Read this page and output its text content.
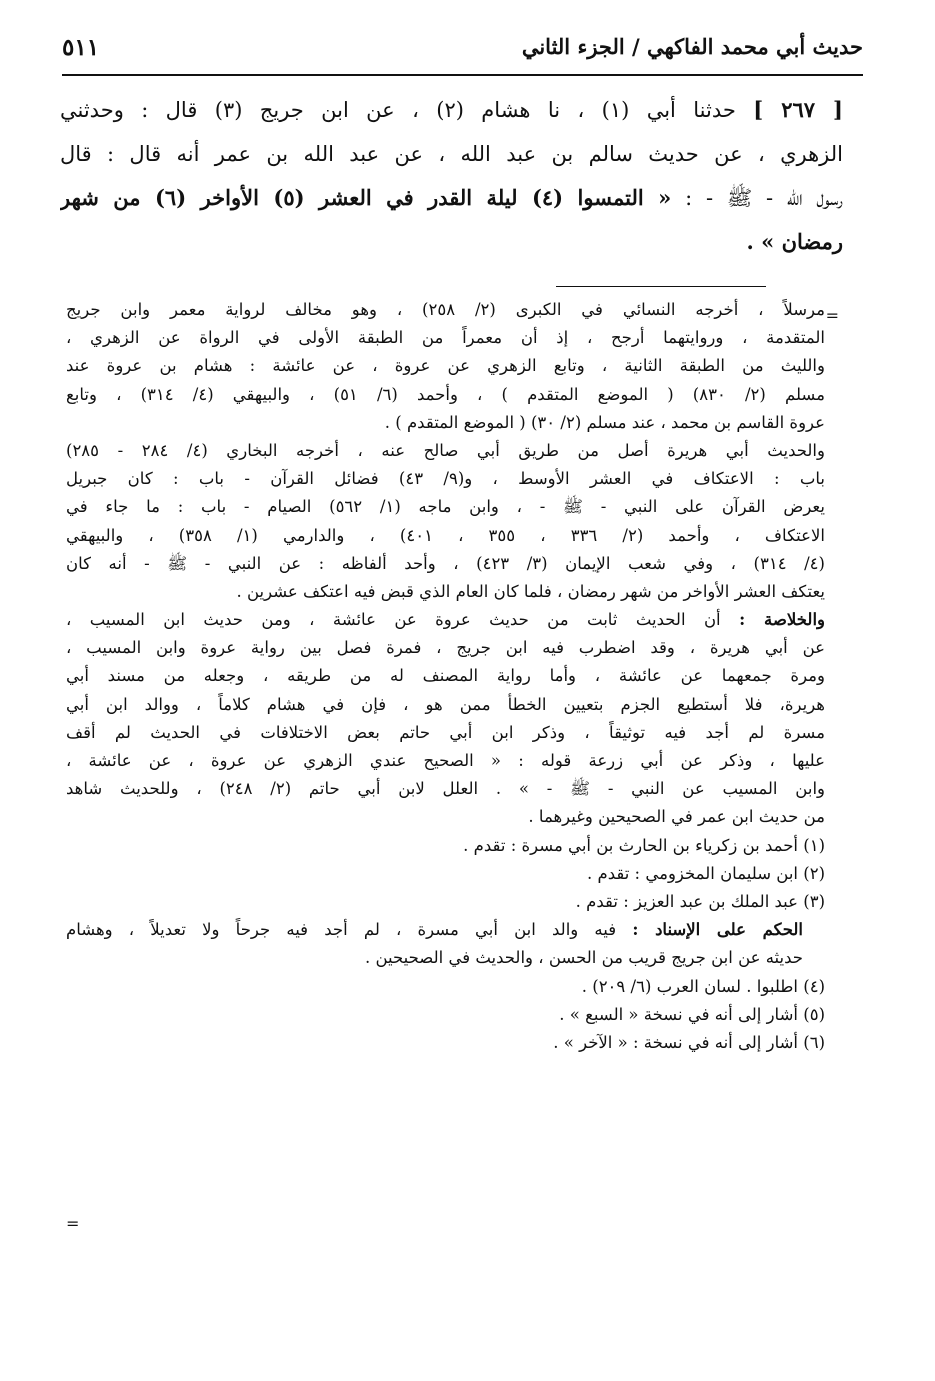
حديث أبي محمد الفاكهي / الجزء الثاني
٥١١
[ ٢٦٧ ] حدثنا أبي (١) ، نا هشام (٢) ، عن ابن جريج (٣) قال : وحدثني
الزهري ، عن حديث سالم بن عبد الله ، عن عبد الله بن عمر أنه قال : قال
رسول الله - ﷺ - : « التمسوا (٤) ليلة القدر في العشر (٥) الأواخر (٦) من شهر
رمضان » .
=
مرسلاً ، أخرجه النسائي في الكبرى (٢/ ٢٥٨) ، وهو مخالف لرواية معمر وابن جريج
المتقدمة ، وروايتهما أرجح ، إذ أن معمراً من الطبقة الأولى في الرواة عن الزهري ،
والليث من الطبقة الثانية ، وتابع الزهري عن عروة ، عن عائشة : هشام بن عروة عند
مسلم (٢/ ٨٣٠) ( الموضع المتقدم ) ، وأحمد (٦/ ٥١) ، والبيهقي (٤/ ٣١٤) ، وتابع
عروة القاسم بن محمد ، عند مسلم (٢/ ٣٠) ( الموضع المتقدم ) .
والحديث أبي هريرة أصل من طريق أبي صالح عنه ، أخرجه البخاري (٤/ ٢٨٤ - ٢٨٥)
باب : الاعتكاف في العشر الأوسط ، و(٩/ ٤٣) فضائل القرآن - باب : كان جبريل
يعرض القرآن على النبي - ﷺ - ، وابن ماجه (١/ ٥٦٢) الصيام - باب : ما جاء في
الاعتكاف ، وأحمد (٢/ ٣٣٦ ، ٣٥٥ ، ٤٠١) ، والدارمي (١/ ٣٥٨) ، والبيهقي
(٤/ ٣١٤) ، وفي شعب الإيمان (٣/ ٤٢٣) ، وأحد ألفاظه : عن النبي - ﷺ - أنه كان
يعتكف العشر الأواخر من شهر رمضان ، فلما كان العام الذي قبض فيه اعتكف عشرين .
والخلاصة : أن الحديث ثابت من حديث عروة عن عائشة ، ومن حديث ابن المسيب ،
عن أبي هريرة ، وقد اضطرب فيه ابن جريج ، فمرة فصل بين رواية عروة وابن المسيب ،
ومرة جمعهما عن عائشة ، وأما رواية المصنف له من طريقه ، وجعله من مسند أبي
هريرة، فلا أستطيع الجزم بتعيين الخطأ ممن هو ، فإن في هشام كلاماً ، ووالد ابن أبي
مسرة لم أجد فيه توثيقاً ، وذكر ابن أبي حاتم بعض الاختلافات في الحديث لم أقف
عليها ، وذكر عن أبي زرعة قوله : « الصحيح عندي الزهري عن عروة ، عن عائشة ،
وابن المسيب عن النبي - ﷺ - » . العلل لابن أبي حاتم (٢/ ٢٤٨) ، وللحديث شاهد
من حديث ابن عمر في الصحيحين وغيرهما .
(١) أحمد بن زكرياء بن الحارث بن أبي مسرة : تقدم .
(٢) ابن سليمان المخزومي : تقدم .
(٣) عبد الملك بن عبد العزيز : تقدم .
الحكم على الإسناد : فيه والد ابن أبي مسرة ، لم أجد فيه جرحاً ولا تعديلاً ، وهشام
حديثه عن ابن جريج قريب من الحسن ، والحديث في الصحيحين .
(٤) اطلبوا . لسان العرب (٦/ ٢٠٩) .
(٥) أشار إلى أنه في نسخة « السبع » .
(٦) أشار إلى أنه في نسخة : « الآخر » .
=
